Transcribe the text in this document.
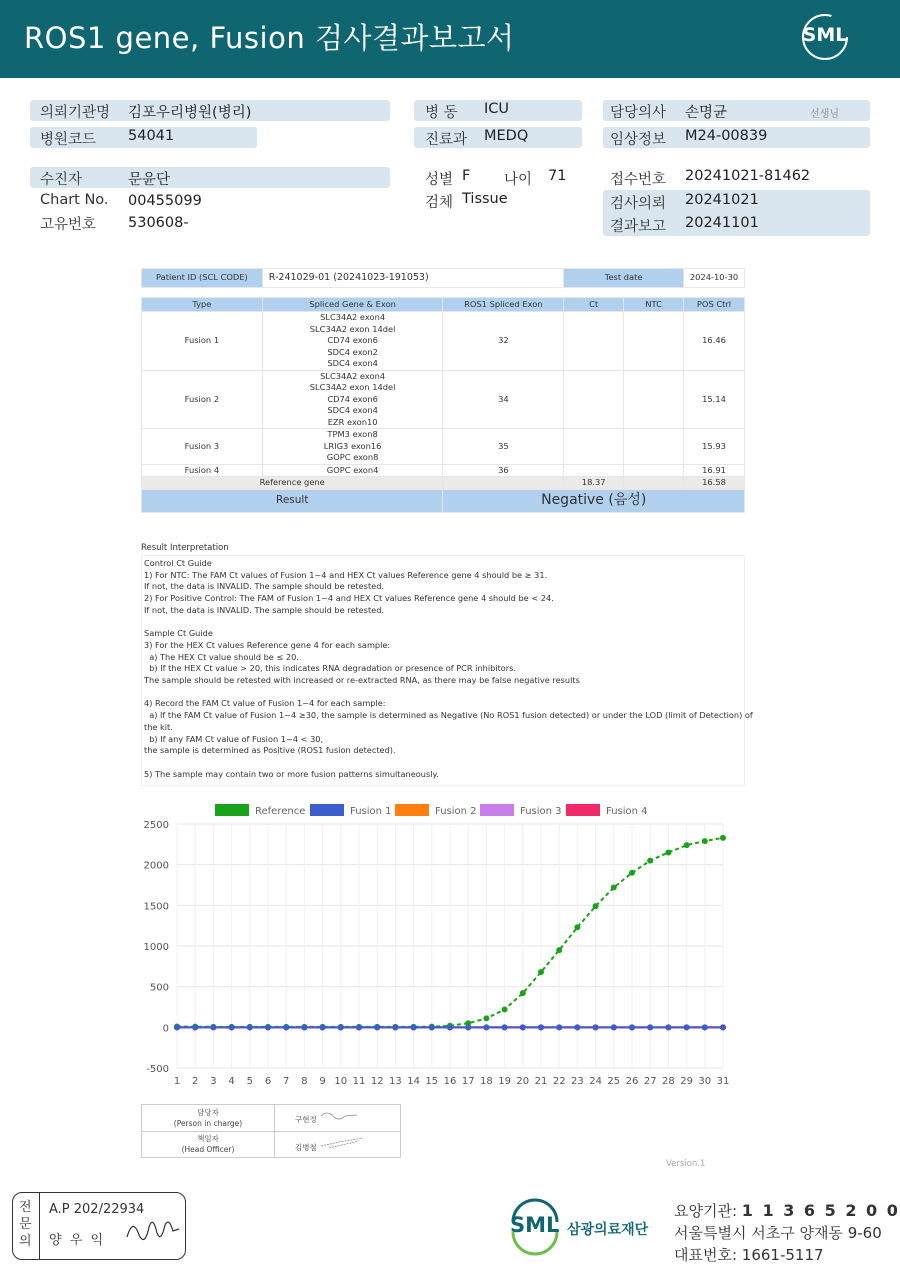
ROS1 gene, Fusion 검사결과보고서	SML
의뢰기관명 김포우리병원(병리)
병원코드 54041
병 동 ICU
진료과 MEDQ
담당의사 손명균	선생님
임상정보 M24-00839
수진자	문윤단
Chart No. 00455099
고유번호 530608-
성별 F 나이 71
검체 Tissue
접수번호 20241021-81462
검사의뢰 20241021
결과보고 20241101
Patient ID (SCL CODE)	R-241029-01 (20241023-191053)		Test date		2024-10-30

Type	Spliced Gene & Exon	ROS1 Spliced Exon	Ct	NTC	POS Ctrl
Fusion 1	SLC34A2 exon4
SLC34A2 exon 14del
CD74 exon6
SDC4 exon2
SDC4 exon4	32			16.46
Fusion 2	SLC34A2 exon4
SLC34A2 exon 14del
CD74 exon6
SDC4 exon4
EZR exon10	34			15.14
Fusion 3	TPM3 exon8
LRIG3 exon16
GOPC exon8	35			15.93
Fusion 4	GOPC exon4	36			16.91
Reference gene			18.37		16.58
Result		Negative (음성)			
Result Interpretation
Control Ct Guide
1) For NTC: The FAM Ct values of Fusion 1~4 and HEX Ct values Reference gene 4 should be ≥ 31.
If not, the data is INVALID. The sample should be retested.
2) For Positive Control: The FAM of Fusion 1~4 and HEX Ct values Reference gene 4 should be < 24.
If not, the data is INVALID. The sample should be retested.
Sample Ct Guide
3) For the HEX Ct values Reference gene 4 for each sample:
a) The HEX Ct value should be ≤ 20.
b) If the HEX Ct value > 20, this indicates RNA degradation or presence of PCR inhibitors.
The sample should be retested with increased or re-extracted RNA, as there may be false negative results
4) Record the FAM Ct value of Fusion 1~4 for each sample:
a) If the FAM Ct value of Fusion 1~4 ≥30, the sample is determined as Negative (No ROS1 fusion detected) or under the LOD (limit of Detection) of
the kit.
b) If any FAM Ct value of Fusion 1~4 < 30,
the sample is determined as Positive (ROS1 fusion detected).
5) The sample may contain two or more fusion patterns simultaneously.
2500
2000
1500
1000
500
0
-500
1 2 3 4 5 6 7 8 9 10 11 12 13 14 15 16 17 18 19 20 21 22 23 24 25 26 27 28 29 30 31
Reference	Fusion 1	Fusion 2	Fusion 3	Fusion 4
담당자
(Person in charge)	구현정
책임자
(Head Officer)	김병철
Version.1
전문의
A.P 202/22934
양  우  익
SML 삼광의료재단
요양기관: 1 1 3 6 5 2 0 0
서울특별시 서초구 양재동 9-60
대표번호: 1661-5117
